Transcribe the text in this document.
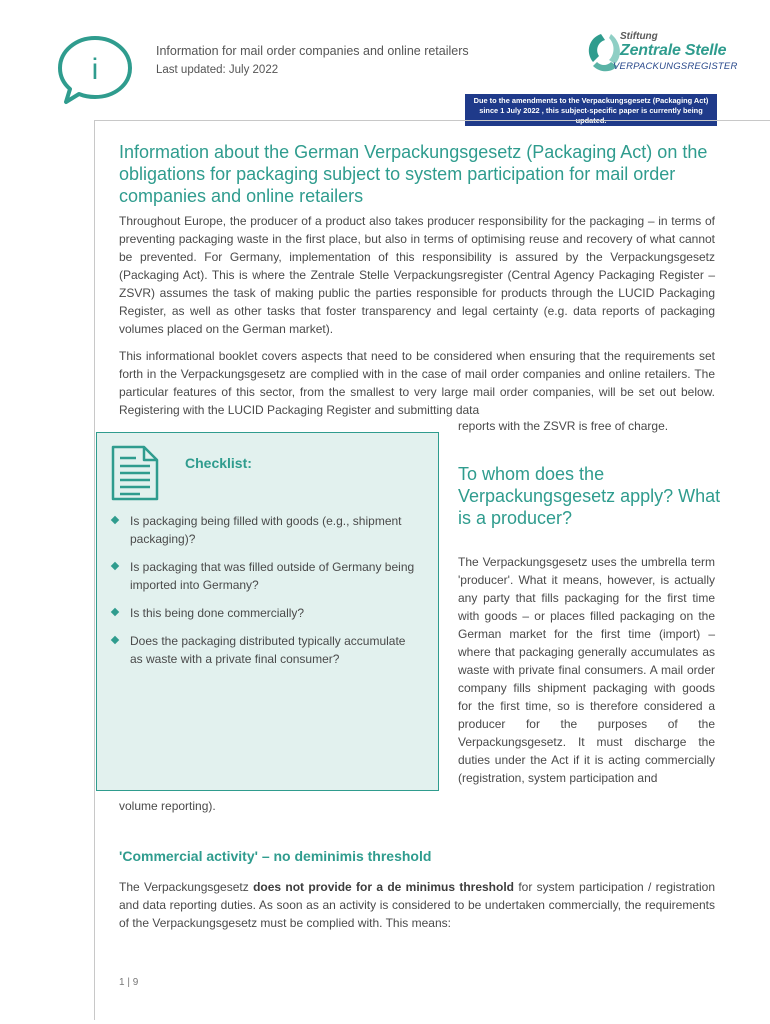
i
Information for mail order companies and online retailers
Last updated: July 2022
Stiftung
Zentrale Stelle
VERPACKUNGSREGISTER
Due to the amendments to the Verpackungsgesetz (Packaging Act) since 1 July 2022 , this subject-specific paper is currently being
Information about the German Verpackungsgesetz (Packaging Act) on the obligations for packaging subject to system participation for mail order companies and online retailers

Throughout Europe, the producer of a product also takes producer responsibility for the packaging – in terms of preventing packaging waste in the first place, but also in terms of optimising reuse and recovery of what cannot be prevented. For Germany, implementation of this responsibility is assured by the Verpackungsgesetz (Packaging Act). This is where the Zentrale Stelle Verpackungsregister (Central Agency Packaging Register – ZSVR) assumes the task of making public the parties responsible for products through the LUCID Packaging Register, as well as other tasks that foster transparency and legal certainty (e.g. data reports of packaging volumes placed on the German market).

This informational booklet covers aspects that need to be considered when ensuring that the requirements set forth in the Verpackungsgesetz are complied with in the case of mail order companies and online retailers. The particular features of this sector, from the smallest to very large mail order companies, will be set out below. Registering with the LUCID Packaging Register and submitting data

reports with the ZSVR is free of charge.
Checklist:
Is packaging being filled with goods (e.g., shipment packaging)?
Is packaging that was filled outside of Germany being imported into Germany?
Is this being done commercially?
Does the packaging distributed typically accumulate as waste with a private final consumer?
To whom does the Verpackungsgesetz apply? What is a producer?

The Verpackungsgesetz uses the umbrella term 'producer'. What it means, however, is actually any party that fills packaging for the first time with goods – or places filled packaging on the German market for the first time (import) – where that packaging generally accumulates as waste with private final consumers. A mail order company fills shipment packaging with goods for the first time, so is therefore considered a producer for the purposes of the Verpackungsgesetz. It must discharge the duties under the Act if it is acting commercially (registration, system participation and

volume reporting).
'Commercial activity' – no deminimis threshold

The Verpackungsgesetz does not provide for a de minimus threshold for system participation / registration and data reporting duties. As soon as an activity is considered to be undertaken commercially, the requirements of the Verpackungsgesetz must be complied with. This means:

1 | 9
